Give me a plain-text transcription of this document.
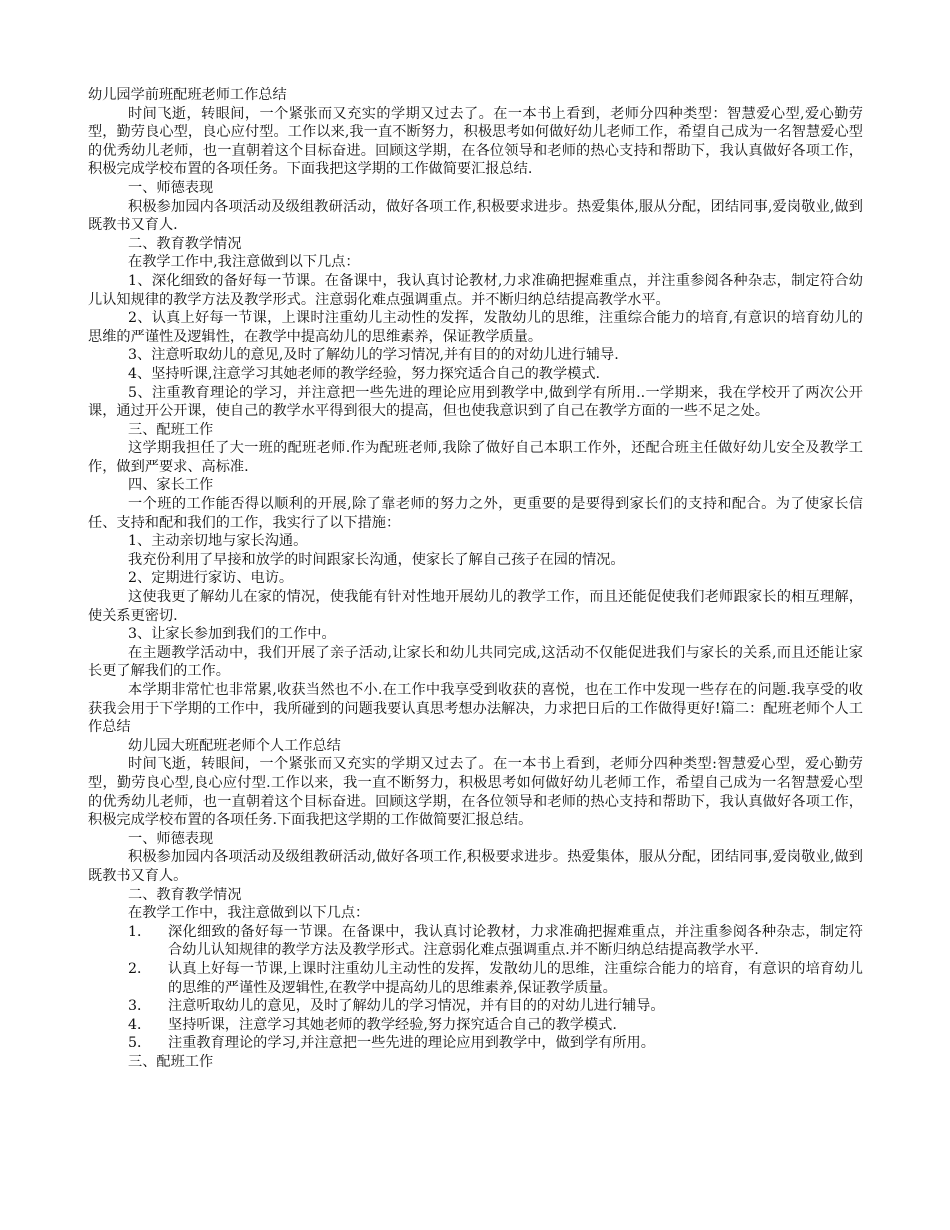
幼儿园学前班配班老师工作总结

时间飞逝，转眼间，一个紧张而又充实的学期又过去了。在一本书上看到，老师分四种类型：智慧爱心型,爱心勤劳型，勤劳良心型，良心应付型。工作以来,我一直不断努力，积极思考如何做好幼儿老师工作，希望自己成为一名智慧爱心型的优秀幼儿老师，也一直朝着这个目标奋进。回顾这学期，在各位领导和老师的热心支持和帮助下，我认真做好各项工作，积极完成学校布置的各项任务。下面我把这学期的工作做简要汇报总结.

一、师德表现

积极参加园内各项活动及级组教研活动，做好各项工作,积极要求进步。热爱集体,服从分配，团结同事,爱岗敬业,做到既教书又育人.

二、教育教学情况

在教学工作中,我注意做到以下几点：

1、深化细致的备好每一节课。在备课中，我认真讨论教材,力求准确把握难重点，并注重参阅各种杂志，制定符合幼儿认知规律的教学方法及教学形式。注意弱化难点强调重点。并不断归纳总结提高教学水平。

2、认真上好每一节课，上课时注重幼儿主动性的发挥，发散幼儿的思维，注重综合能力的培育,有意识的培育幼儿的思维的严谨性及逻辑性，在教学中提高幼儿的思维素养，保证教学质量。

3、注意听取幼儿的意见,及时了解幼儿的学习情况,并有目的的对幼儿进行辅导.

4、坚持听课,注意学习其她老师的教学经验，努力探究适合自己的教学模式.

5、注重教育理论的学习，并注意把一些先进的理论应用到教学中,做到学有所用..一学期来，我在学校开了两次公开课，通过开公开课，使自己的教学水平得到很大的提高，但也使我意识到了自己在教学方面的一些不足之处。

三、配班工作

这学期我担任了大一班的配班老师.作为配班老师,我除了做好自己本职工作外，还配合班主任做好幼儿安全及教学工作，做到严要求、高标准.

四、家长工作

一个班的工作能否得以顺利的开展,除了靠老师的努力之外，更重要的是要得到家长们的支持和配合。为了使家长信任、支持和配和我们的工作，我实行了以下措施：

1、主动亲切地与家长沟通。

我充份利用了早接和放学的时间跟家长沟通，使家长了解自己孩子在园的情况。

2、定期进行家访、电访。

这使我更了解幼儿在家的情况，使我能有针对性地开展幼儿的教学工作，而且还能促使我们老师跟家长的相互理解，使关系更密切.

3、让家长参加到我们的工作中。

在主题教学活动中，我们开展了亲子活动,让家长和幼儿共同完成,这活动不仅能促进我们与家长的关系,而且还能让家长更了解我们的工作。

本学期非常忙也非常累,收获当然也不小.在工作中我享受到收获的喜悦，也在工作中发现一些存在的问题.我享受的收获我会用于下学期的工作中，我所碰到的问题我要认真思考想办法解决，力求把日后的工作做得更好!篇二：配班老师个人工作总结

幼儿园大班配班老师个人工作总结

时间飞逝，转眼间，一个紧张而又充实的学期又过去了。在一本书上看到，老师分四种类型:智慧爱心型，爱心勤劳型，勤劳良心型,良心应付型.工作以来，我一直不断努力，积极思考如何做好幼儿老师工作，希望自己成为一名智慧爱心型的优秀幼儿老师，也一直朝着这个目标奋进。回顾这学期，在各位领导和老师的热心支持和帮助下，我认真做好各项工作，积极完成学校布置的各项任务.下面我把这学期的工作做简要汇报总结。

一、师德表现

积极参加园内各项活动及级组教研活动,做好各项工作,积极要求进步。热爱集体，服从分配，团结同事,爱岗敬业,做到既教书又育人。

二、教育教学情况

在教学工作中，我注意做到以下几点：

1．	深化细致的备好每一节课。在备课中，我认真讨论教材，力求准确把握难重点，并注重参阅各种杂志，制定符合幼儿认知规律的教学方法及教学形式。注意弱化难点强调重点.并不断归纳总结提高教学水平.
2．	认真上好每一节课,上课时注重幼儿主动性的发挥，发散幼儿的思维，注重综合能力的培育，有意识的培育幼儿的思维的严谨性及逻辑性,在教学中提高幼儿的思维素养,保证教学质量。
3．	注意听取幼儿的意见，及时了解幼儿的学习情况，并有目的的对幼儿进行辅导。
4．	坚持听课，注意学习其她老师的教学经验,努力探究适合自己的教学模式.
5．	注重教育理论的学习,并注意把一些先进的理论应用到教学中，做到学有所用。

三、配班工作
